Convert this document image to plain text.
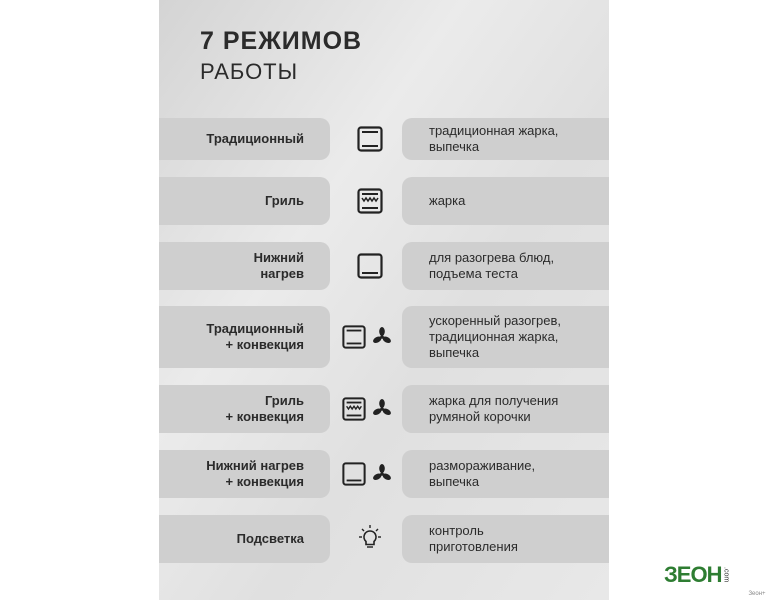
7 РЕЖИМОВ
РАБОТЫ
Традиционный
традиционная жарка,
выпечка
Гриль	жарка
Нижний
нагрев
для разогрева блюд,
подъема теста
Традиционный
+ конвекция
ускоренный разогрев,
традиционная жарка,
выпечка
Гриль
+ конвекция
жарка для получения
румяной корочки
Нижний нагрев
+ конвекция
размораживание,
выпечка
Подсветка
контроль
приготовления
Зеон+
ЗЕОН .com
